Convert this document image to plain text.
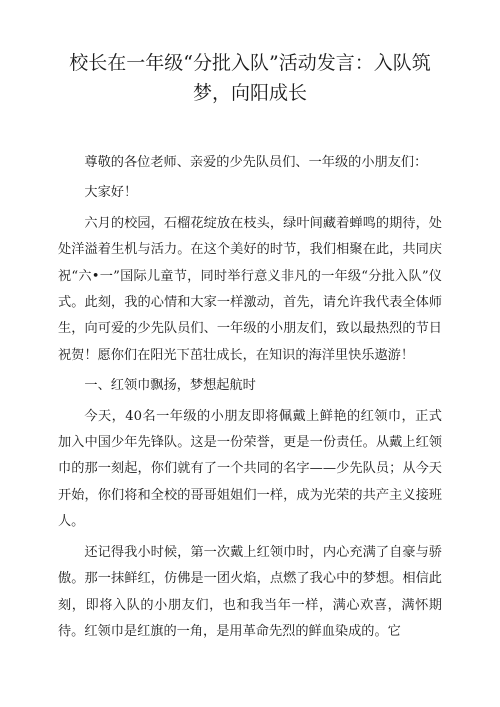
校长在一年级“分批入队”活动发言：入队筑梦，向阳成长

尊敬的各位老师、亲爱的少先队员们、一年级的小朋友们：

大家好！

六月的校园，石榴花绽放在枝头，绿叶间藏着蝉鸣的期待，处处洋溢着生机与活力。在这个美好的时节，我们相聚在此，共同庆祝“六•一”国际儿童节，同时举行意义非凡的一年级“分批入队”仪式。此刻，我的心情和大家一样激动，首先，请允许我代表全体师生，向可爱的少先队员们、一年级的小朋友们，致以最热烈的节日祝贺！愿你们在阳光下茁壮成长，在知识的海洋里快乐遨游！

一、红领巾飘扬，梦想起航时

今天，40名一年级的小朋友即将佩戴上鲜艳的红领巾，正式加入中国少年先锋队。这是一份荣誉，更是一份责任。从戴上红领巾的那一刻起，你们就有了一个共同的名字——少先队员；从今天开始，你们将和全校的哥哥姐姐们一样，成为光荣的共产主义接班人。

还记得我小时候，第一次戴上红领巾时，内心充满了自豪与骄傲。那一抹鲜红，仿佛是一团火焰，点燃了我心中的梦想。相信此刻，即将入队的小朋友们，也和我当年一样，满心欢喜，满怀期待。红领巾是红旗的一角，是用革命先烈的鲜血染成的。它
